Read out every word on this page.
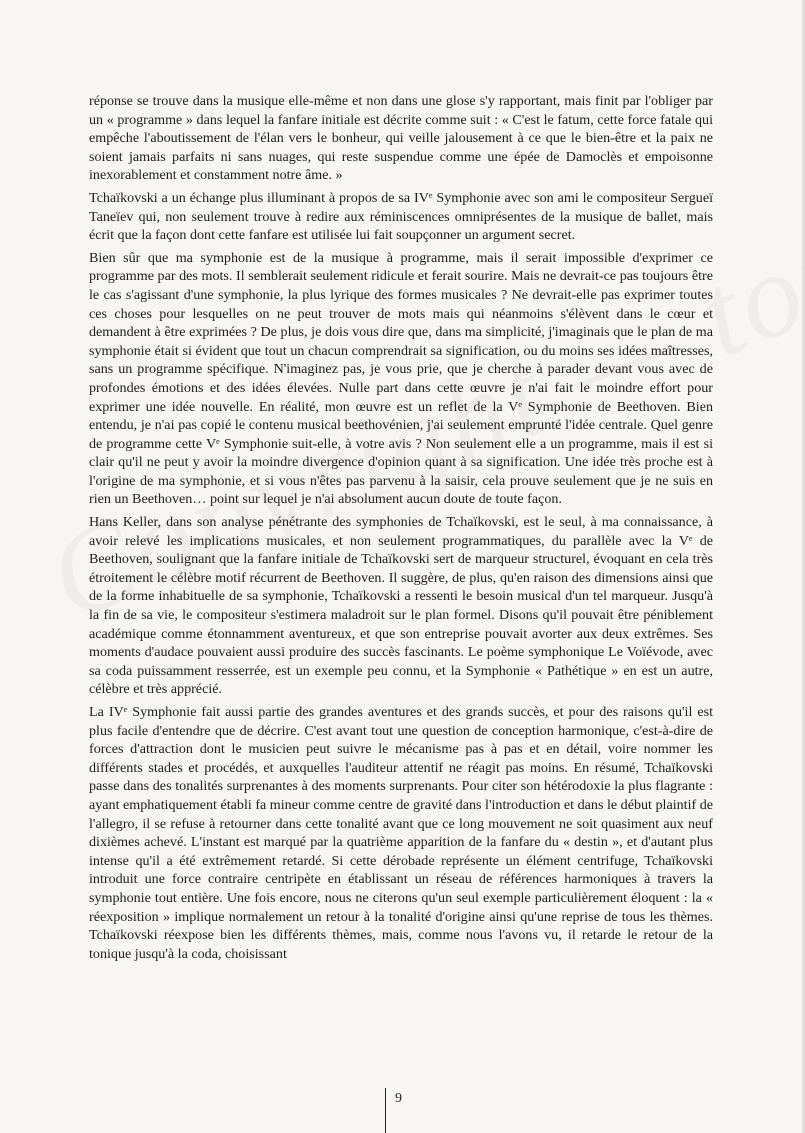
réponse se trouve dans la musique elle-même et non dans une glose s'y rapportant, mais finit par l'obliger par un « programme » dans lequel la fanfare initiale est décrite comme suit : « C'est le fatum, cette force fatale qui empêche l'aboutissement de l'élan vers le bonheur, qui veille jalousement à ce que le bien-être et la paix ne soient jamais parfaits ni sans nuages, qui reste suspendue comme une épée de Damoclès et empoisonne inexorablement et constamment notre âme. »

Tchaïkovski a un échange plus illuminant à propos de sa IVᵉ Symphonie avec son ami le compositeur Sergueï Taneïev qui, non seulement trouve à redire aux réminiscences omniprésentes de la musique de ballet, mais écrit que la façon dont cette fanfare est utilisée lui fait soupçonner un argument secret.

Bien sûr que ma symphonie est de la musique à programme, mais il serait impossible d'exprimer ce programme par des mots. Il semblerait seulement ridicule et ferait sourire. Mais ne devrait-ce pas toujours être le cas s'agissant d'une symphonie, la plus lyrique des formes musicales ? Ne devrait-elle pas exprimer toutes ces choses pour lesquelles on ne peut trouver de mots mais qui néanmoins s'élèvent dans le cœur et demandent à être exprimées ? De plus, je dois vous dire que, dans ma simplicité, j'imaginais que le plan de ma symphonie était si évident que tout un chacun comprendrait sa signification, ou du moins ses idées maîtresses, sans un programme spécifique. N'imaginez pas, je vous prie, que je cherche à parader devant vous avec de profondes émotions et des idées élevées. Nulle part dans cette œuvre je n'ai fait le moindre effort pour exprimer une idée nouvelle. En réalité, mon œuvre est un reflet de la Vᵉ Symphonie de Beethoven. Bien entendu, je n'ai pas copié le contenu musical beethovénien, j'ai seulement emprunté l'idée centrale. Quel genre de programme cette Vᵉ Symphonie suit-elle, à votre avis ? Non seulement elle a un programme, mais il est si clair qu'il ne peut y avoir la moindre divergence d'opinion quant à sa signification. Une idée très proche est à l'origine de ma symphonie, et si vous n'êtes pas parvenu à la saisir, cela prouve seulement que je ne suis en rien un Beethoven… point sur lequel je n'ai absolument aucun doute de toute façon.

Hans Keller, dans son analyse pénétrante des symphonies de Tchaïkovski, est le seul, à ma connaissance, à avoir relevé les implications musicales, et non seulement programmatiques, du parallèle avec la Vᵉ de Beethoven, soulignant que la fanfare initiale de Tchaïkovski sert de marqueur structurel, évoquant en cela très étroitement le célèbre motif récurrent de Beethoven. Il suggère, de plus, qu'en raison des dimensions ainsi que de la forme inhabituelle de sa symphonie, Tchaïkovski a ressenti le besoin musical d'un tel marqueur. Jusqu'à la fin de sa vie, le compositeur s'estimera maladroit sur le plan formel. Disons qu'il pouvait être péniblement académique comme étonnamment aventureux, et que son entreprise pouvait avorter aux deux extrêmes. Ses moments d'audace pouvaient aussi produire des succès fascinants. Le poème symphonique Le Voïévode, avec sa coda puissamment resserrée, est un exemple peu connu, et la Symphonie « Pathétique » en est un autre, célèbre et très apprécié.

La IVᵉ Symphonie fait aussi partie des grandes aventures et des grands succès, et pour des raisons qu'il est plus facile d'entendre que de décrire. C'est avant tout une question de conception harmonique, c'est-à-dire de forces d'attraction dont le musicien peut suivre le mécanisme pas à pas et en détail, voire nommer les différents stades et procédés, et auxquelles l'auditeur attentif ne réagit pas moins. En résumé, Tchaïkovski passe dans des tonalités surprenantes à des moments surprenants. Pour citer son hétérodoxie la plus flagrante : ayant emphatiquement établi fa mineur comme centre de gravité dans l'introduction et dans le début plaintif de l'allegro, il se refuse à retourner dans cette tonalité avant que ce long mouvement ne soit quasiment aux neuf dixièmes achevé. L'instant est marqué par la quatrième apparition de la fanfare du « destin », et d'autant plus intense qu'il a été extrêmement retardé. Si cette dérobade représente un élément centrifuge, Tchaïkovski introduit une force contraire centripète en établissant un réseau de références harmoniques à travers la symphonie tout entière. Une fois encore, nous ne citerons qu'un seul exemple particulièrement éloquent : la « réexposition » implique normalement un retour à la tonalité d'origine ainsi qu'une reprise de tous les thèmes. Tchaïkovski réexpose bien les différents thèmes, mais, comme nous l'avons vu, il retarde le retour de la tonique jusqu'à la coda, choisissant

9
